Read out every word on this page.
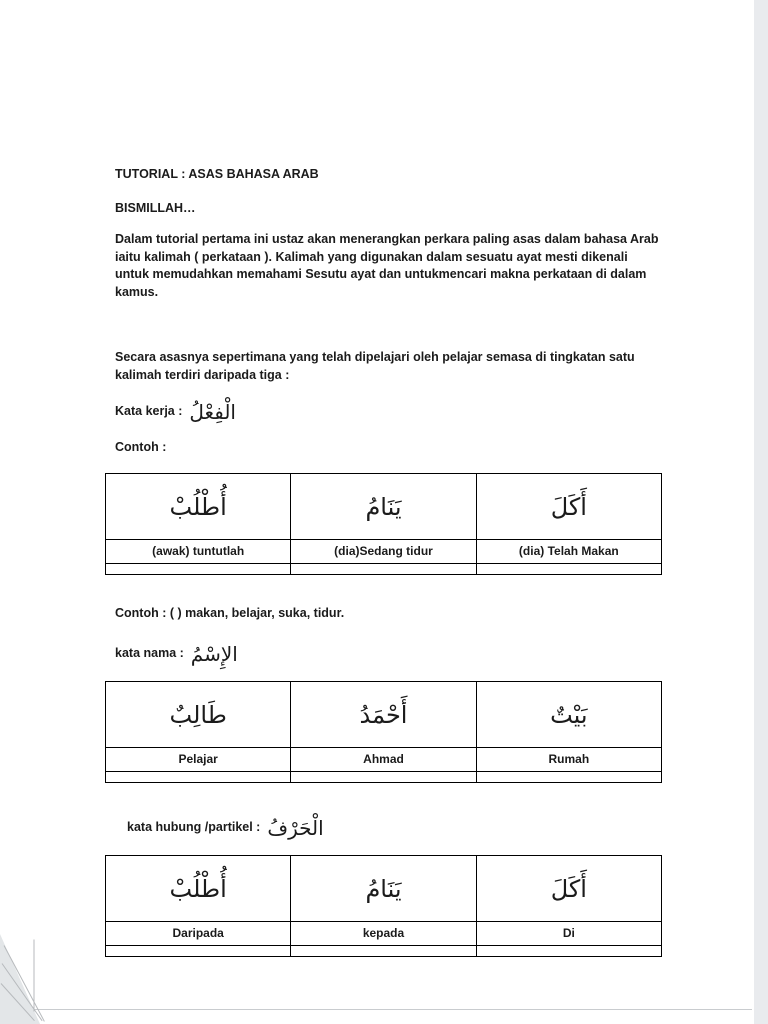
TUTORIAL : ASAS BAHASA ARAB

BISMILLAH…

Dalam tutorial pertama ini ustaz akan menerangkan perkara paling asas dalam bahasa Arab iaitu kalimah ( perkataan ). Kalimah yang digunakan dalam sesuatu ayat mesti dikenali untuk memudahkan memahami Sesutu ayat dan untukmencari makna perkataan di dalam kamus.

Secara asasnya sepertimana yang telah dipelajari oleh pelajar semasa di tingkatan satu kalimah terdiri daripada tiga :

Kata kerja : الْفِعْلُ

Contoh :

أُطْلُبْ	يَنَامُ	أَكَلَ
(awak) tuntutlah	(dia)Sedang tidur	(dia) Telah Makan

Contoh : ( ) makan, belajar, suka, tidur.

kata nama : الإِسْمُ
طَالِبٌ	أَحْمَدُ	بَيْتٌ
Pelajar	Ahmad	Rumah

kata hubung /partikel : الْحَرْفُ
أُطْلُبْ	يَنَامُ	أَكَلَ
Daripada	kepada	Di
